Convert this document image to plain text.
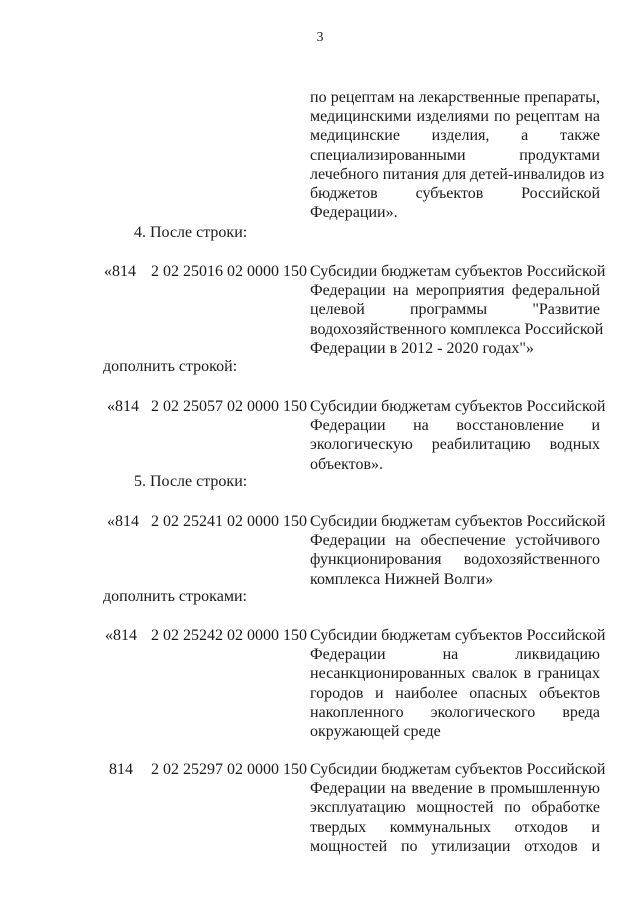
3
по рецептам на лекарственные препараты,
медицинскими изделиями по рецептам на
медицинские изделия, а также
специализированными продуктами
лечебного питания для детей-инвалидов из
бюджетов субъектов Российской
Федерации».
4. После строки:
«814 2 02 25016 02 0000 150 Субсидии бюджетам субъектов Российской
Федерации на мероприятия федеральной
целевой программы "Развитие
водохозяйственного комплекса Российской
Федерации в 2012 - 2020 годах"»
дополнить строкой:
«814 2 02 25057 02 0000 150 Субсидии бюджетам субъектов Российской
Федерации на восстановление и
экологическую реабилитацию водных
объектов».
5. После строки:
«814 2 02 25241 02 0000 150 Субсидии бюджетам субъектов Российской
Федерации на обеспечение устойчивого
функционирования водохозяйственного
комплекса Нижней Волги»
дополнить строками:
«814 2 02 25242 02 0000 150 Субсидии бюджетам субъектов Российской
Федерации на ликвидацию
несанкционированных свалок в границах
городов и наиболее опасных объектов
накопленного экологического вреда
окружающей среде
814 2 02 25297 02 0000 150 Субсидии бюджетам субъектов Российской
Федерации на введение в промышленную
эксплуатацию мощностей по обработке
твердых коммунальных отходов и
мощностей по утилизации отходов и
